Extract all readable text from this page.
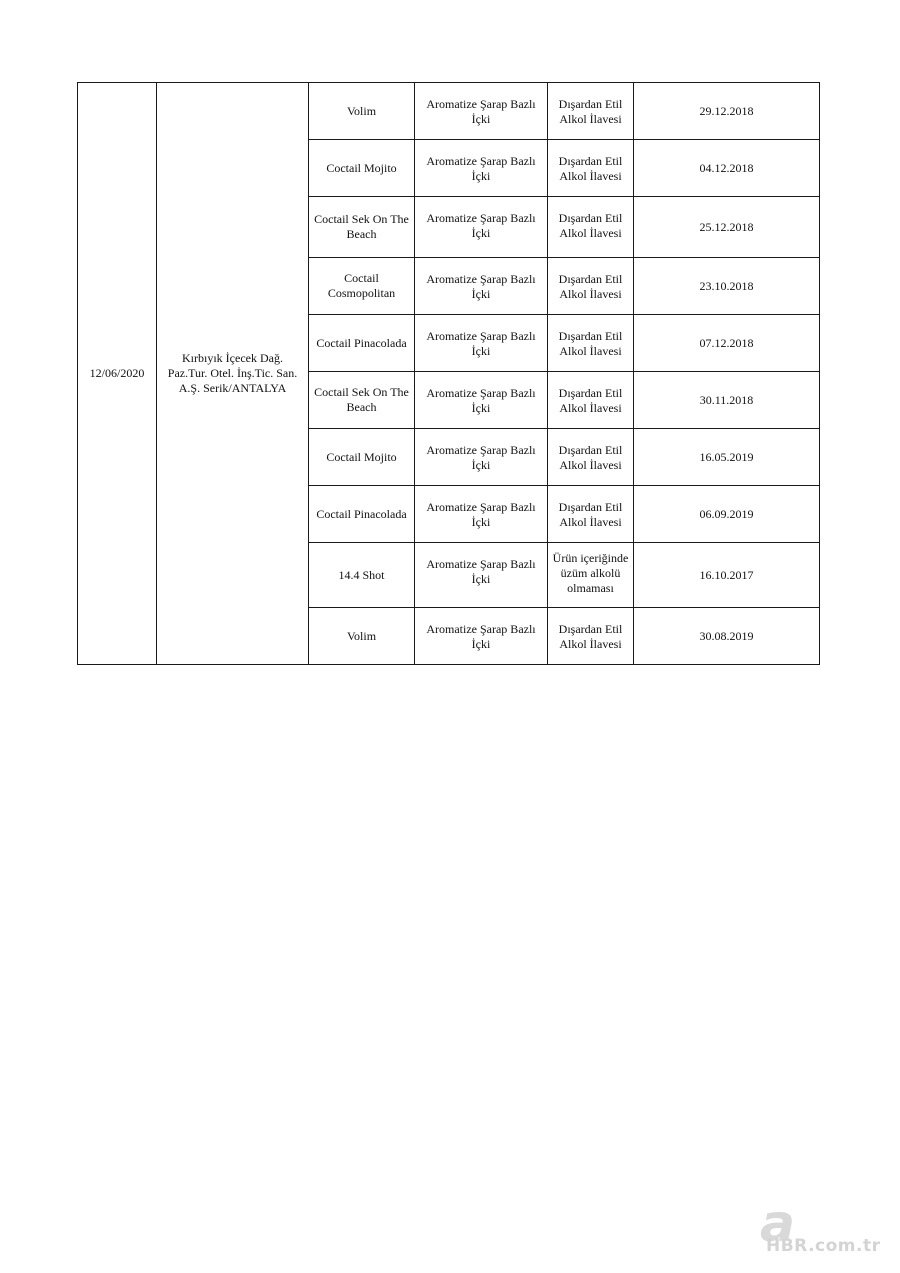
12/06/2020	Kırbıyık İçecek Dağ. Paz.Tur. Otel. İnş.Tic. San. A.Ş. Serik/ANTALYA	Volim	Aromatize Şarap Bazlı İçki	Dışardan Etil Alkol İlavesi	29.12.2018
		Coctail Mojito	Aromatize Şarap Bazlı İçki	Dışardan Etil Alkol İlavesi	04.12.2018
		Coctail Sek On The Beach	Aromatize Şarap Bazlı İçki	Dışardan Etil Alkol İlavesi	25.12.2018
		Coctail Cosmopolitan	Aromatize Şarap Bazlı İçki	Dışardan Etil Alkol İlavesi	23.10.2018
		Coctail Pinacolada	Aromatize Şarap Bazlı İçki	Dışardan Etil Alkol İlavesi	07.12.2018
		Coctail Sek On The Beach	Aromatize Şarap Bazlı İçki	Dışardan Etil Alkol İlavesi	30.11.2018
		Coctail Mojito	Aromatize Şarap Bazlı İçki	Dışardan Etil Alkol İlavesi	16.05.2019
		Coctail Pinacolada	Aromatize Şarap Bazlı İçki	Dışardan Etil Alkol İlavesi	06.09.2019
		14.4 Shot	Aromatize Şarap Bazlı İçki	Ürün içeriğinde üzüm alkolü olmaması	16.10.2017
		Volim	Aromatize Şarap Bazlı İçki	Dışardan Etil Alkol İlavesi	30.08.2019
a
HBR.com.tr
